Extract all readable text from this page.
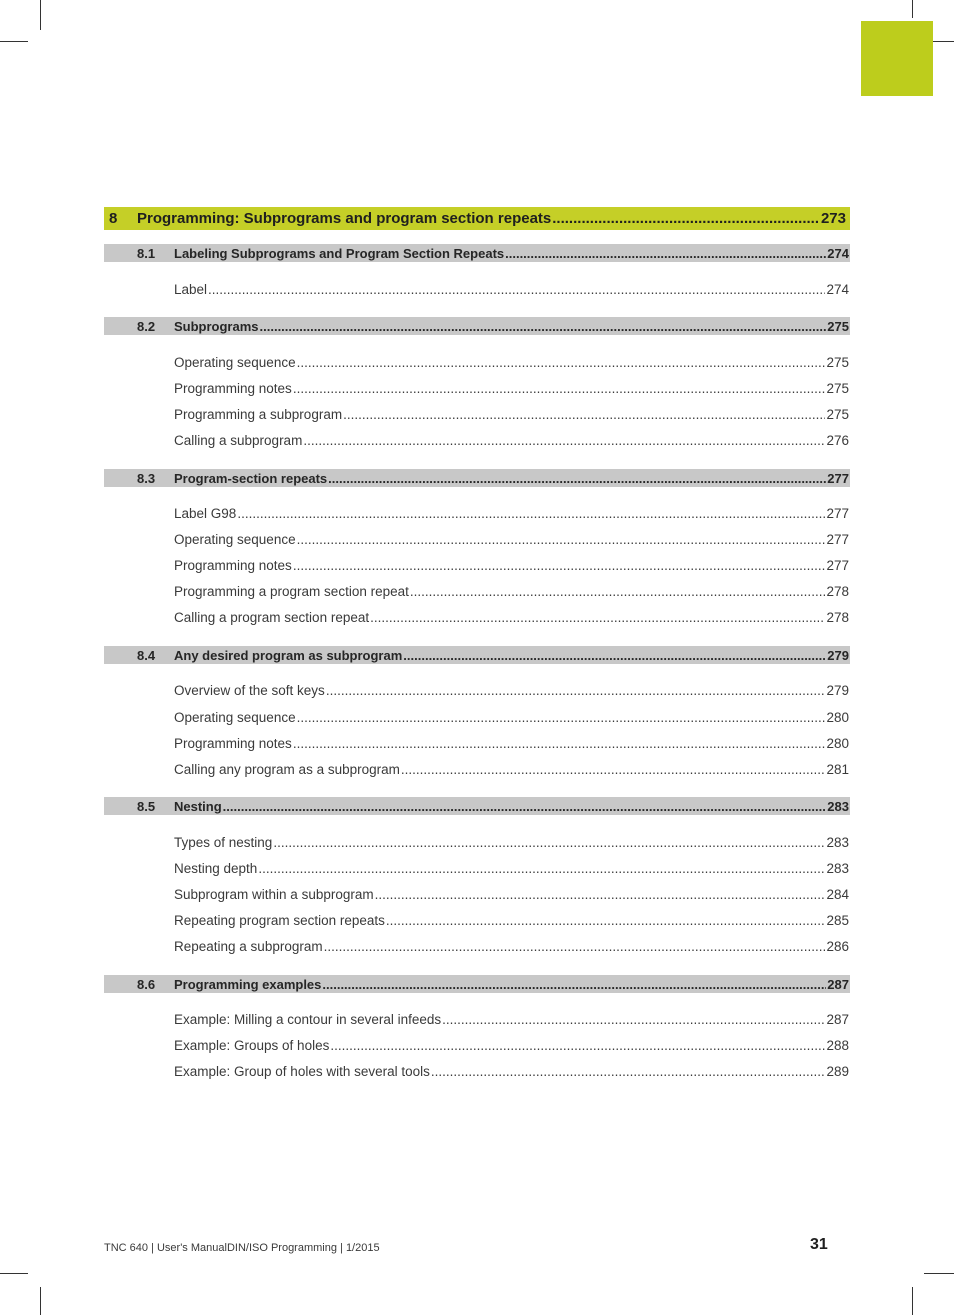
8 Programming: Subprograms and program section repeats .....	273
8.1 Labeling Subprograms and Program Section Repeats .....	274
Label .....	274
8.2 Subprograms .....	275
Operating sequence .....	275
Programming notes .....	275
Programming a subprogram .....	275
Calling a subprogram .....	276
8.3 Program-section repeats .....	277
Label G98 .....	277
Operating sequence .....	277
Programming notes .....	277
Programming a program section repeat .....	278
Calling a program section repeat .....	278
8.4 Any desired program as subprogram .....	279
Overview of the soft keys .....	279
Operating sequence .....	280
Programming notes .....	280
Calling any program as a subprogram .....	281
8.5 Nesting .....	283
Types of nesting .....	283
Nesting depth .....	283
Subprogram within a subprogram .....	284
Repeating program section repeats .....	285
Repeating a subprogram .....	286
8.6 Programming examples .....	287
Example: Milling a contour in several infeeds .....	287
Example: Groups of holes .....	288
Example: Group of holes with several tools .....	289
TNC 640 | User's ManualDIN/ISO Programming | 1/2015	31
